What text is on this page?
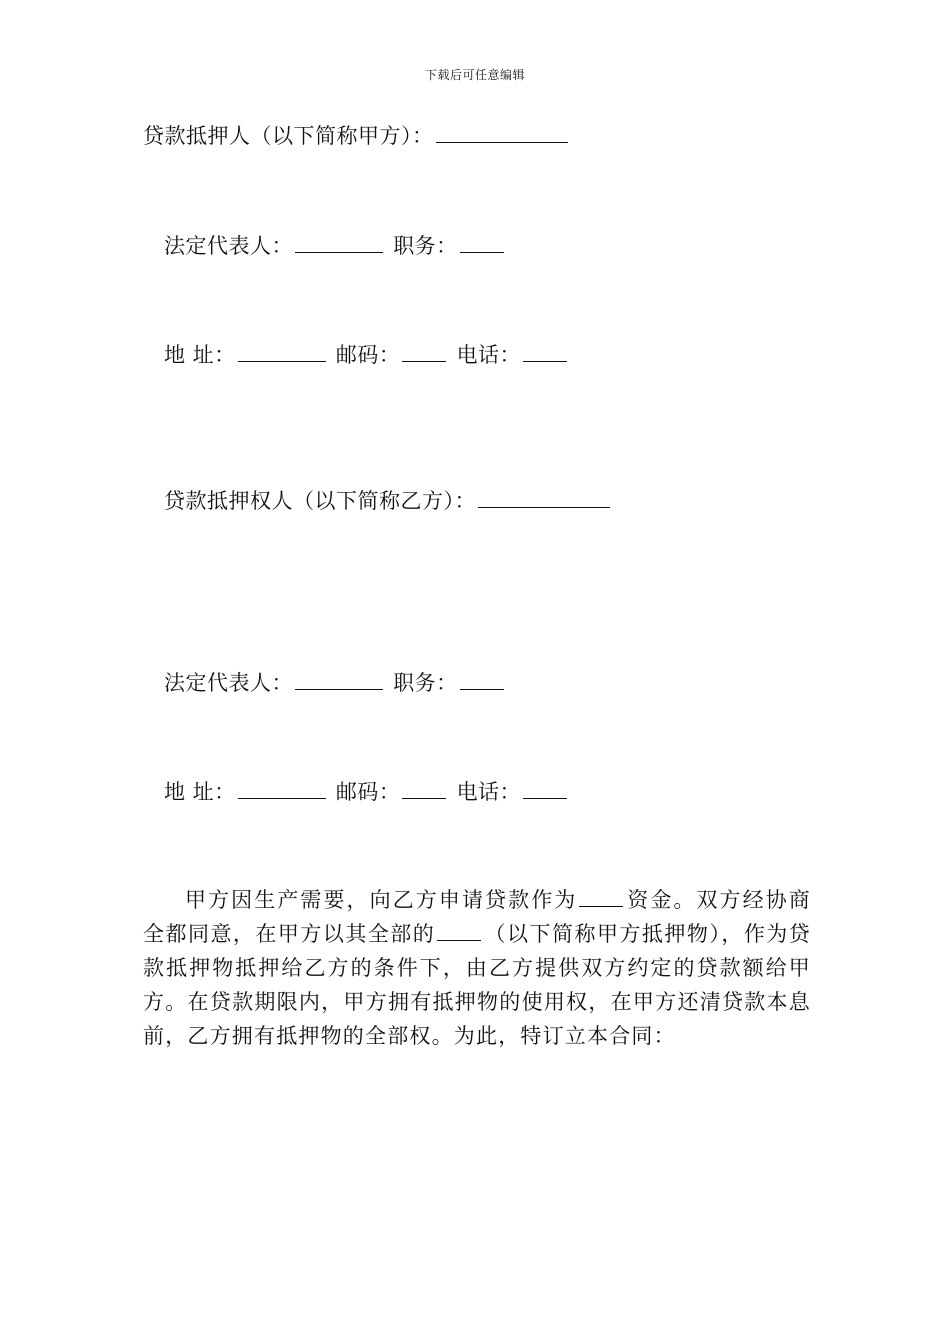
下载后可任意编辑
贷款抵押人（以下简称甲方）：
法定代表人：	职务：
地 址：	邮码：	电话：
贷款抵押权人（以下简称乙方）：
法定代表人：	职务：
地 址：	邮码：	电话：
甲方因生产需要，向乙方申请贷款作为 资金。双方经协商全都同意，在甲方以其全部的 （以下简称甲方抵押物），作为贷款抵押物抵押给乙方的条件下，由乙方提供双方约定的贷款额给甲方。在贷款期限内，甲方拥有抵押物的使用权，在甲方还清贷款本息前，乙方拥有抵押物的全部权。为此，特订立本合同：
